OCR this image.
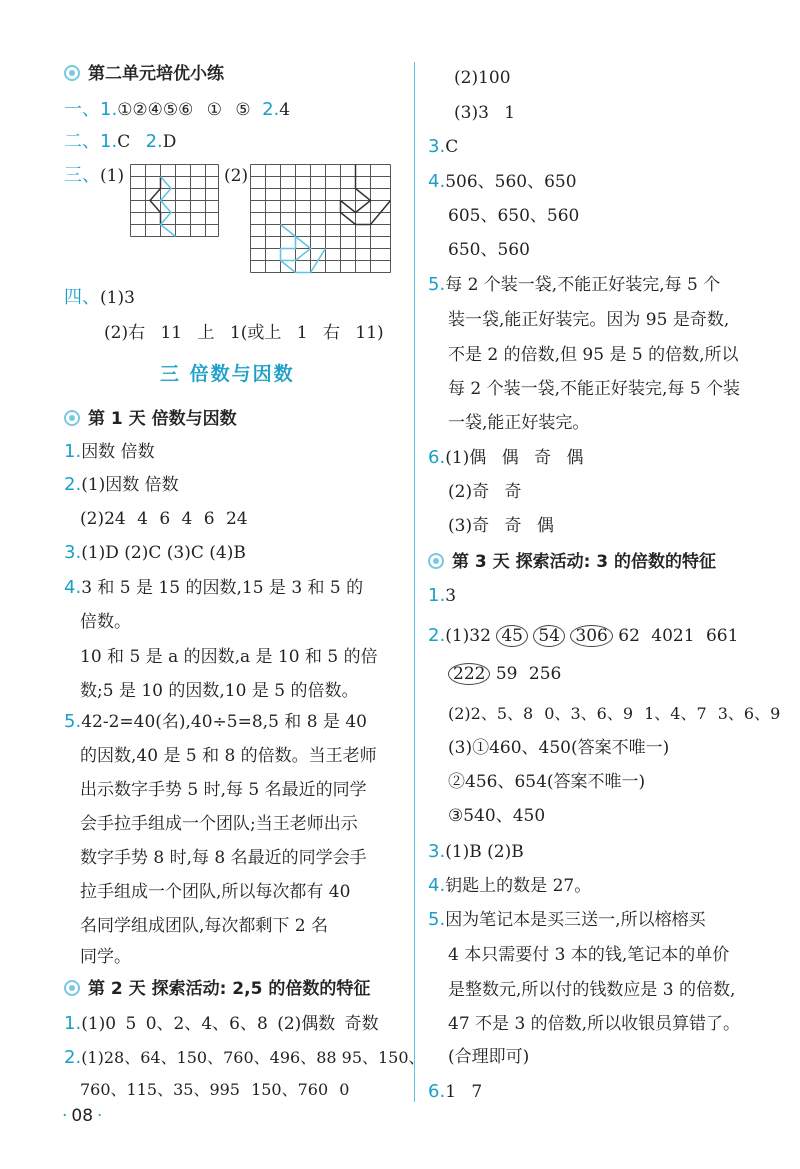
第二单元培优小练
一、1.①②④⑤⑥ ① ⑤ 2.4
二、1.C 2.D
三、(1)	(2)
四、(1)3
(2)右 11 上 1(或上 1 右 11)
三 倍数与因数
第 1 天 倍数与因数
1.因数 倍数
2.(1)因数 倍数
(2)24 4 6 4 6 24
3.(1)D (2)C (3)C (4)B
4.3 和 5 是 15 的因数,15 是 3 和 5 的
倍数。
10 和 5 是 a 的因数,a 是 10 和 5 的倍
数;5 是 10 的因数,10 是 5 的倍数。
5.42-2=40(名),40÷5=8,5 和 8 是 40
的因数,40 是 5 和 8 的倍数。当王老师
出示数字手势 5 时,每 5 名最近的同学
会手拉手组成一个团队;当王老师出示
数字手势 8 时,每 8 名最近的同学会手
拉手组成一个团队,所以每次都有 40
名同学组成团队,每次都剩下 2 名
同学。
第 2 天 探索活动: 2,5 的倍数的特征
1.(1)0 5 0、2、4、6、8 (2)偶数 奇数
2.(1)28、64、150、760、496、88 95、150、
760、115、35、995 150、760 0
· 08 ·
(2)100
(3)3 1
3.C
4.506、560、650
605、650、560
650、560
5.每 2 个装一袋,不能正好装完,每 5 个
装一袋,能正好装完。因为 95 是奇数,
不是 2 的倍数,但 95 是 5 的倍数,所以
每 2 个装一袋,不能正好装完,每 5 个装
一袋,能正好装完。
6.(1)偶 偶 奇 偶
(2)奇 奇
(3)奇 奇 偶
第 3 天 探索活动: 3 的倍数的特征
1.3
2.(1)32 45 54 306 62 4021 661
222 59 256
(2)2、5、8 0、3、6、9 1、4、7 3、6、9
(3)①460、450(答案不唯一)
②456、654(答案不唯一)
③540、450
3.(1)B (2)B
4.钥匙上的数是 27。
5.因为笔记本是买三送一,所以榕榕买
4 本只需要付 3 本的钱,笔记本的单价
是整数元,所以付的钱数应是 3 的倍数,
47 不是 3 的倍数,所以收银员算错了。
(合理即可)
6.1 7
